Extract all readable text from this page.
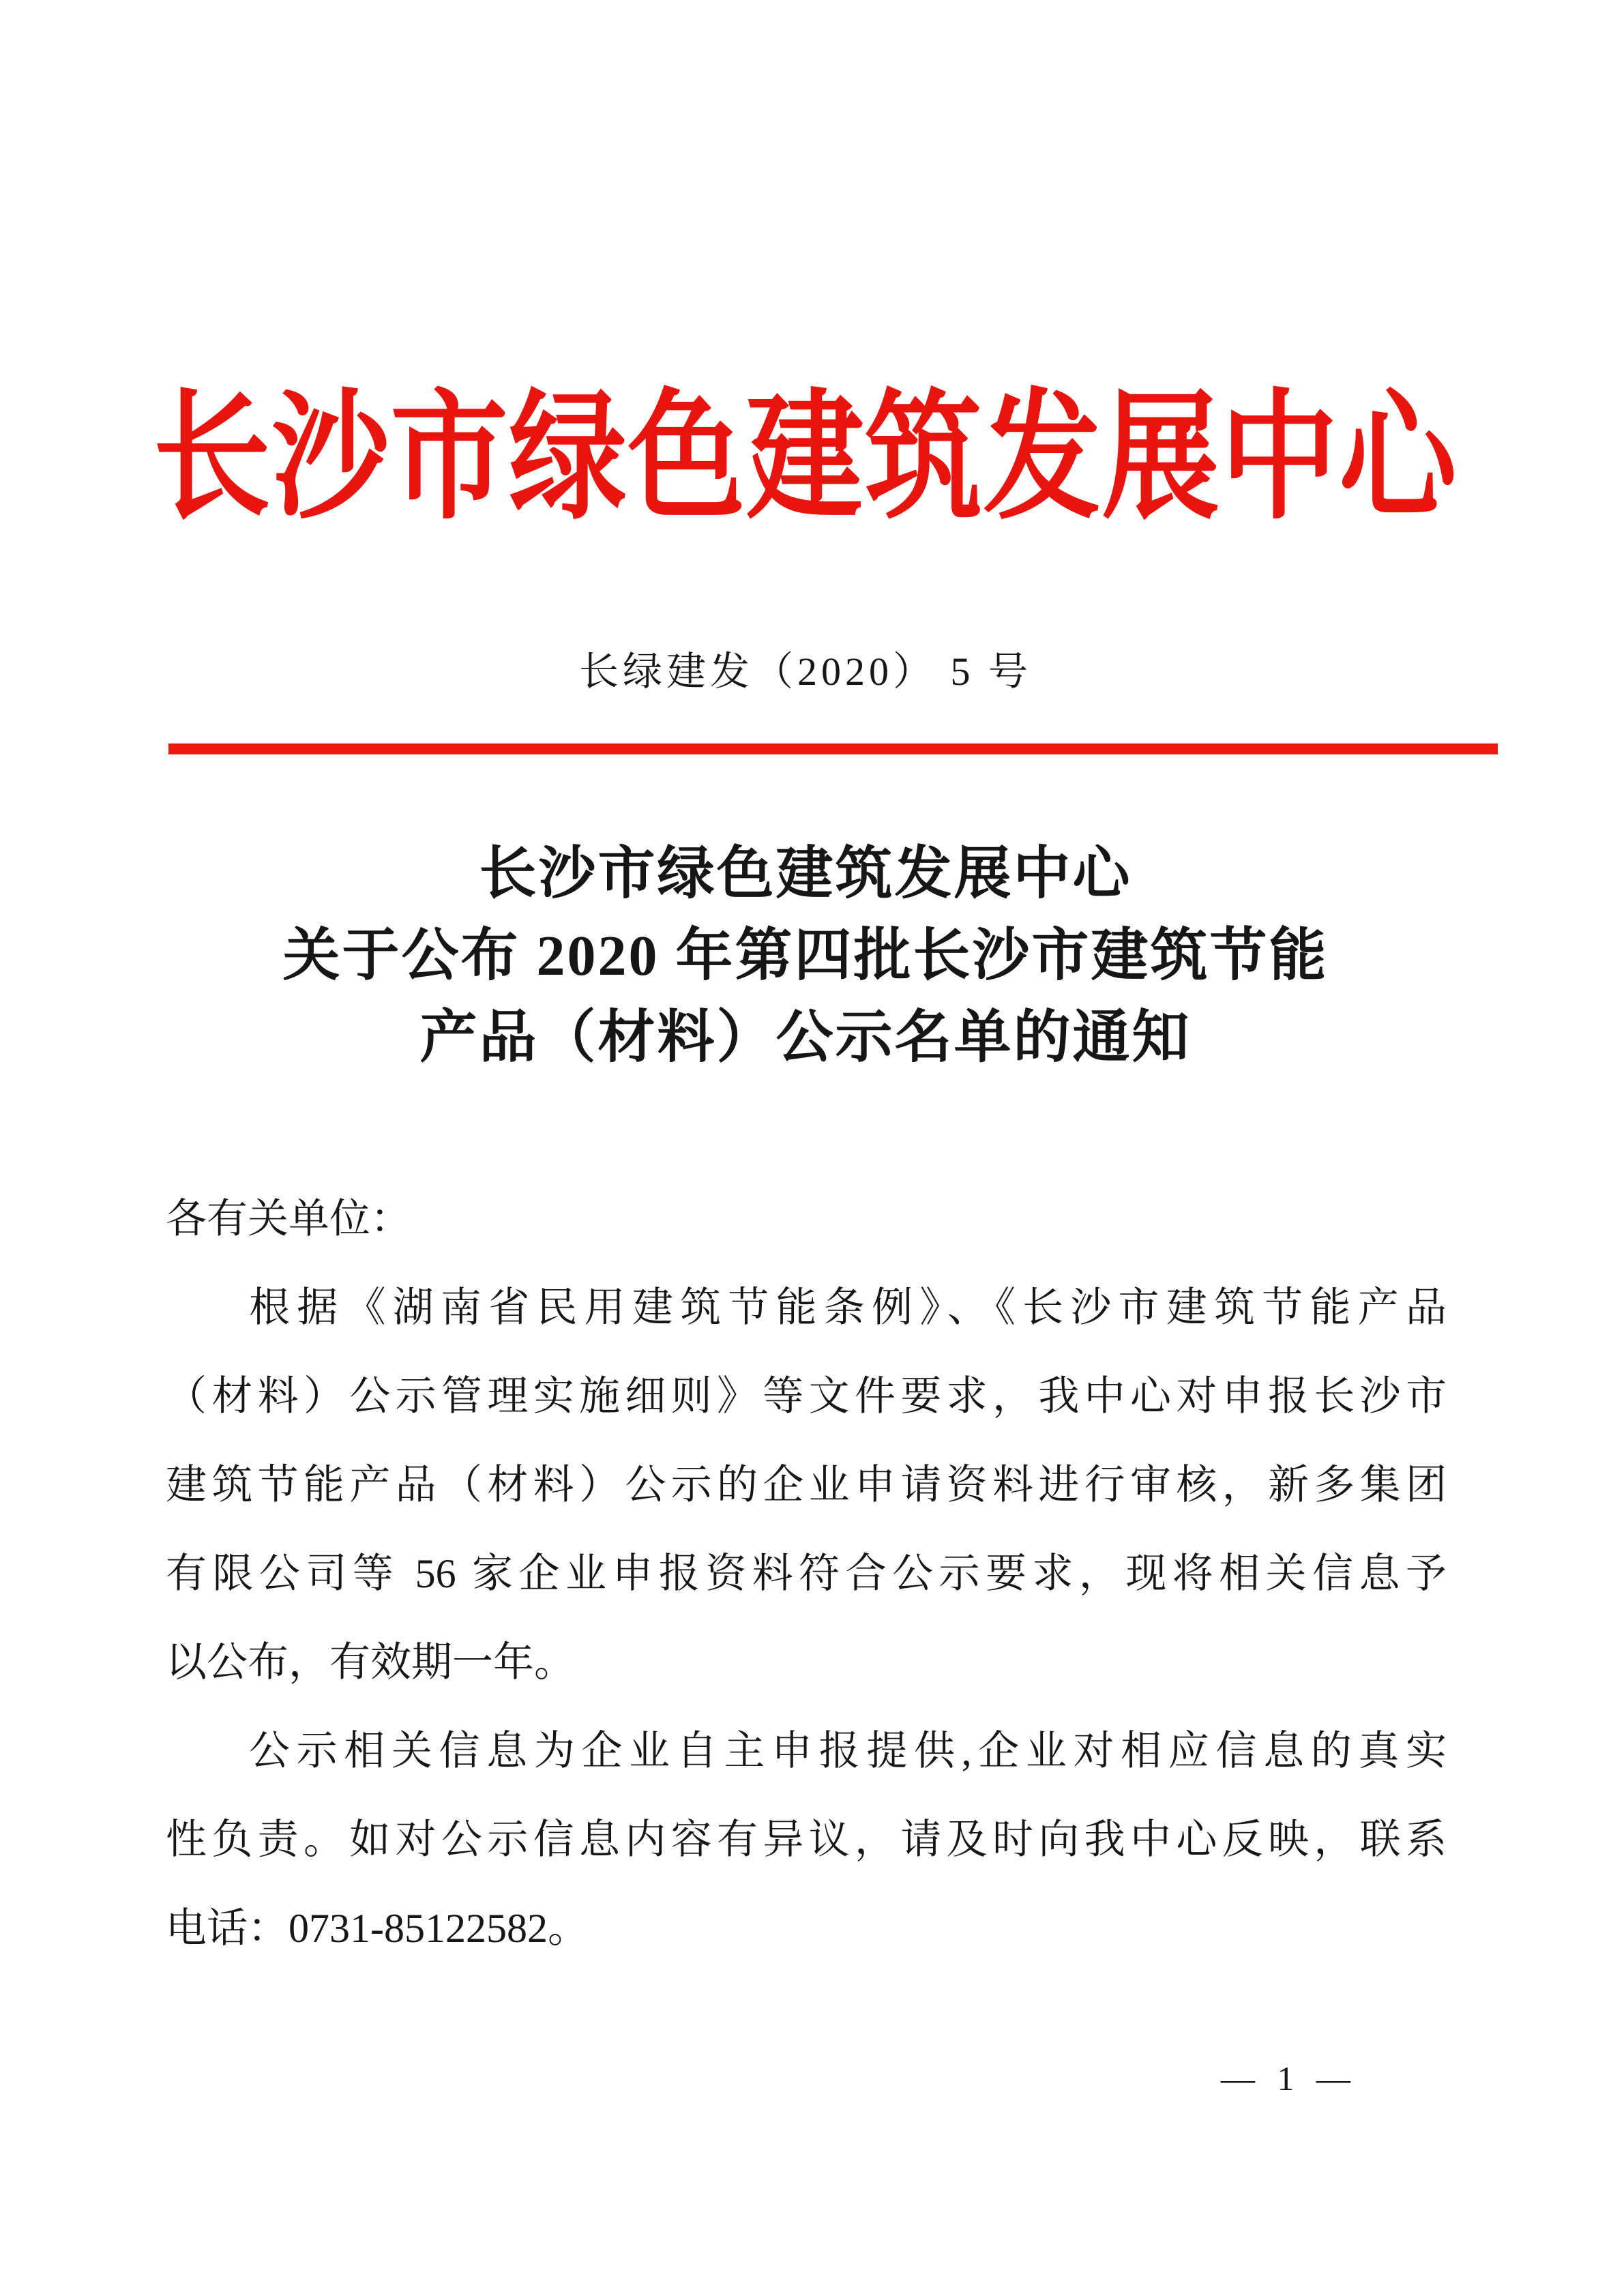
长沙市绿色建筑发展中心
长绿建发（2020） 5 号
长沙市绿色建筑发展中心
关于公布 2020 年第四批长沙市建筑节能
产品（材料）公示名单的通知
各有关单位：
根据《湖南省民用建筑节能条例》、《长沙市建筑节能产品
（材料）公示管理实施细则》等文件要求，我中心对申报长沙市
建筑节能产品（材料）公示的企业申请资料进行审核，新多集团
有限公司等 56 家企业申报资料符合公示要求，现将相关信息予
以公布，有效期一年。
公示相关信息为企业自主申报提供,企业对相应信息的真实
性负责。如对公示信息内容有异议，请及时向我中心反映，联系
电话：0731-85122582。
— 1 —
